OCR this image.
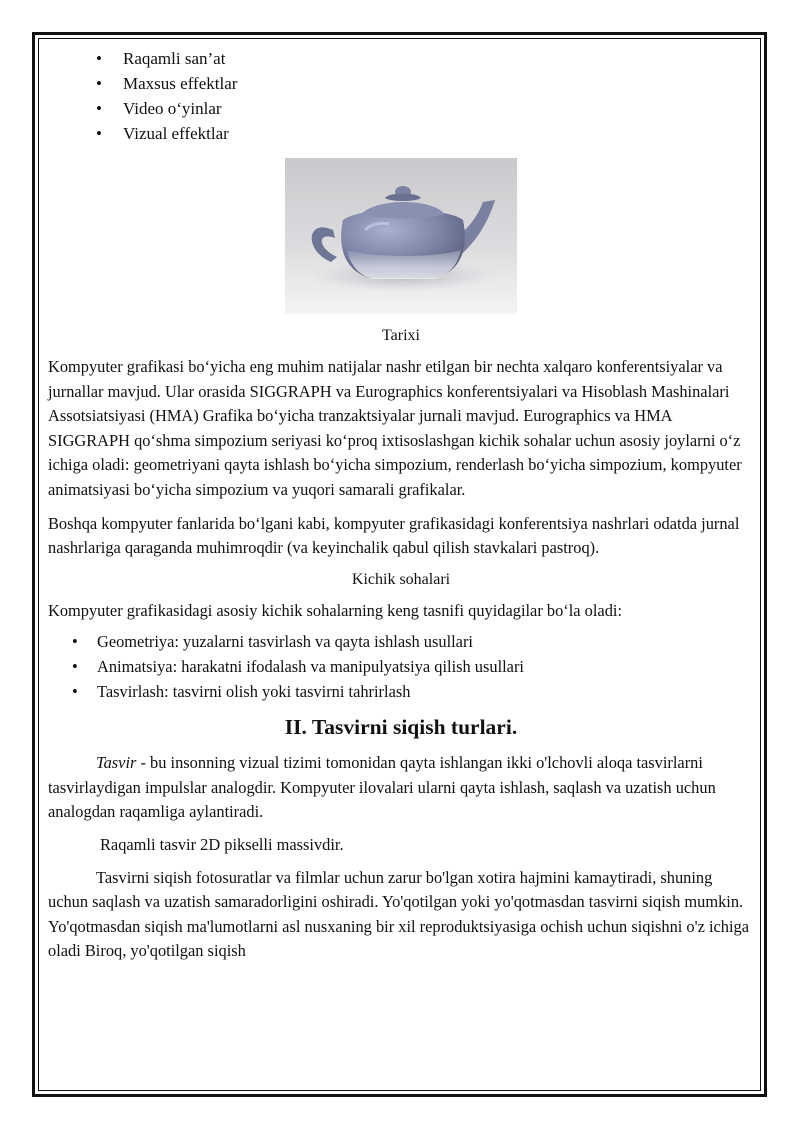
• Raqamli san’at
• Maxsus effektlar
• Video o‘yinlar
• Vizual effektlar
Tarixi

Kompyuter grafikasi bo‘yicha eng muhim natijalar nashr etilgan bir nechta xalqaro konferentsiyalar va jurnallar mavjud. Ular orasida SIGGRAPH va Eurographics konferentsiyalari va Hisoblash Mashinalari Assotsiatsiyasi (HMA) Grafika bo‘yicha tranzaktsiyalar jurnali mavjud. Eurographics va HMA SIGGRAPH qo‘shma simpozium seriyasi ko‘proq ixtisoslashgan kichik sohalar uchun asosiy joylarni o‘z ichiga oladi: geometriyani qayta ishlash bo‘yicha simpozium, renderlash bo‘yicha simpozium, kompyuter animatsiyasi bo‘yicha simpozium va yuqori samarali grafikalar.

Boshqa kompyuter fanlarida bo‘lgani kabi, kompyuter grafikasidagi konferentsiya nashrlari odatda jurnal nashrlariga qaraganda muhimroqdir (va keyinchalik qabul qilish stavkalari pastroq).

Kichik sohalari

Kompyuter grafikasidagi asosiy kichik sohalarning keng tasnifi quyidagilar bo‘la oladi:

• Geometriya: yuzalarni tasvirlash va qayta ishlash usullari
• Animatsiya: harakatni ifodalash va manipulyatsiya qilish usullari
• Tasvirlash: tasvirni olish yoki tasvirni tahrirlash
II. Tasvirni siqish turlari.

Tasvir - bu insonning vizual tizimi tomonidan qayta ishlangan ikki o'lchovli aloqa tasvirlarni tasvirlaydigan impulslar analogdir. Kompyuter ilovalari ularni qayta ishlash, saqlash va uzatish uchun analogdan raqamliga aylantiradi.

Raqamli tasvir 2D pikselli massivdir.

Tasvirni siqish fotosuratlar va filmlar uchun zarur bo'lgan xotira hajmini kamaytiradi, shuning uchun saqlash va uzatish samaradorligini oshiradi. Yo'qotilgan yoki yo'qotmasdan tasvirni siqish mumkin. Yo'qotmasdan siqish ma'lumotlarni asl nusxaning bir xil reproduktsiyasiga ochish uchun siqishni o'z ichiga oladi Biroq, yo'qotilgan siqish
